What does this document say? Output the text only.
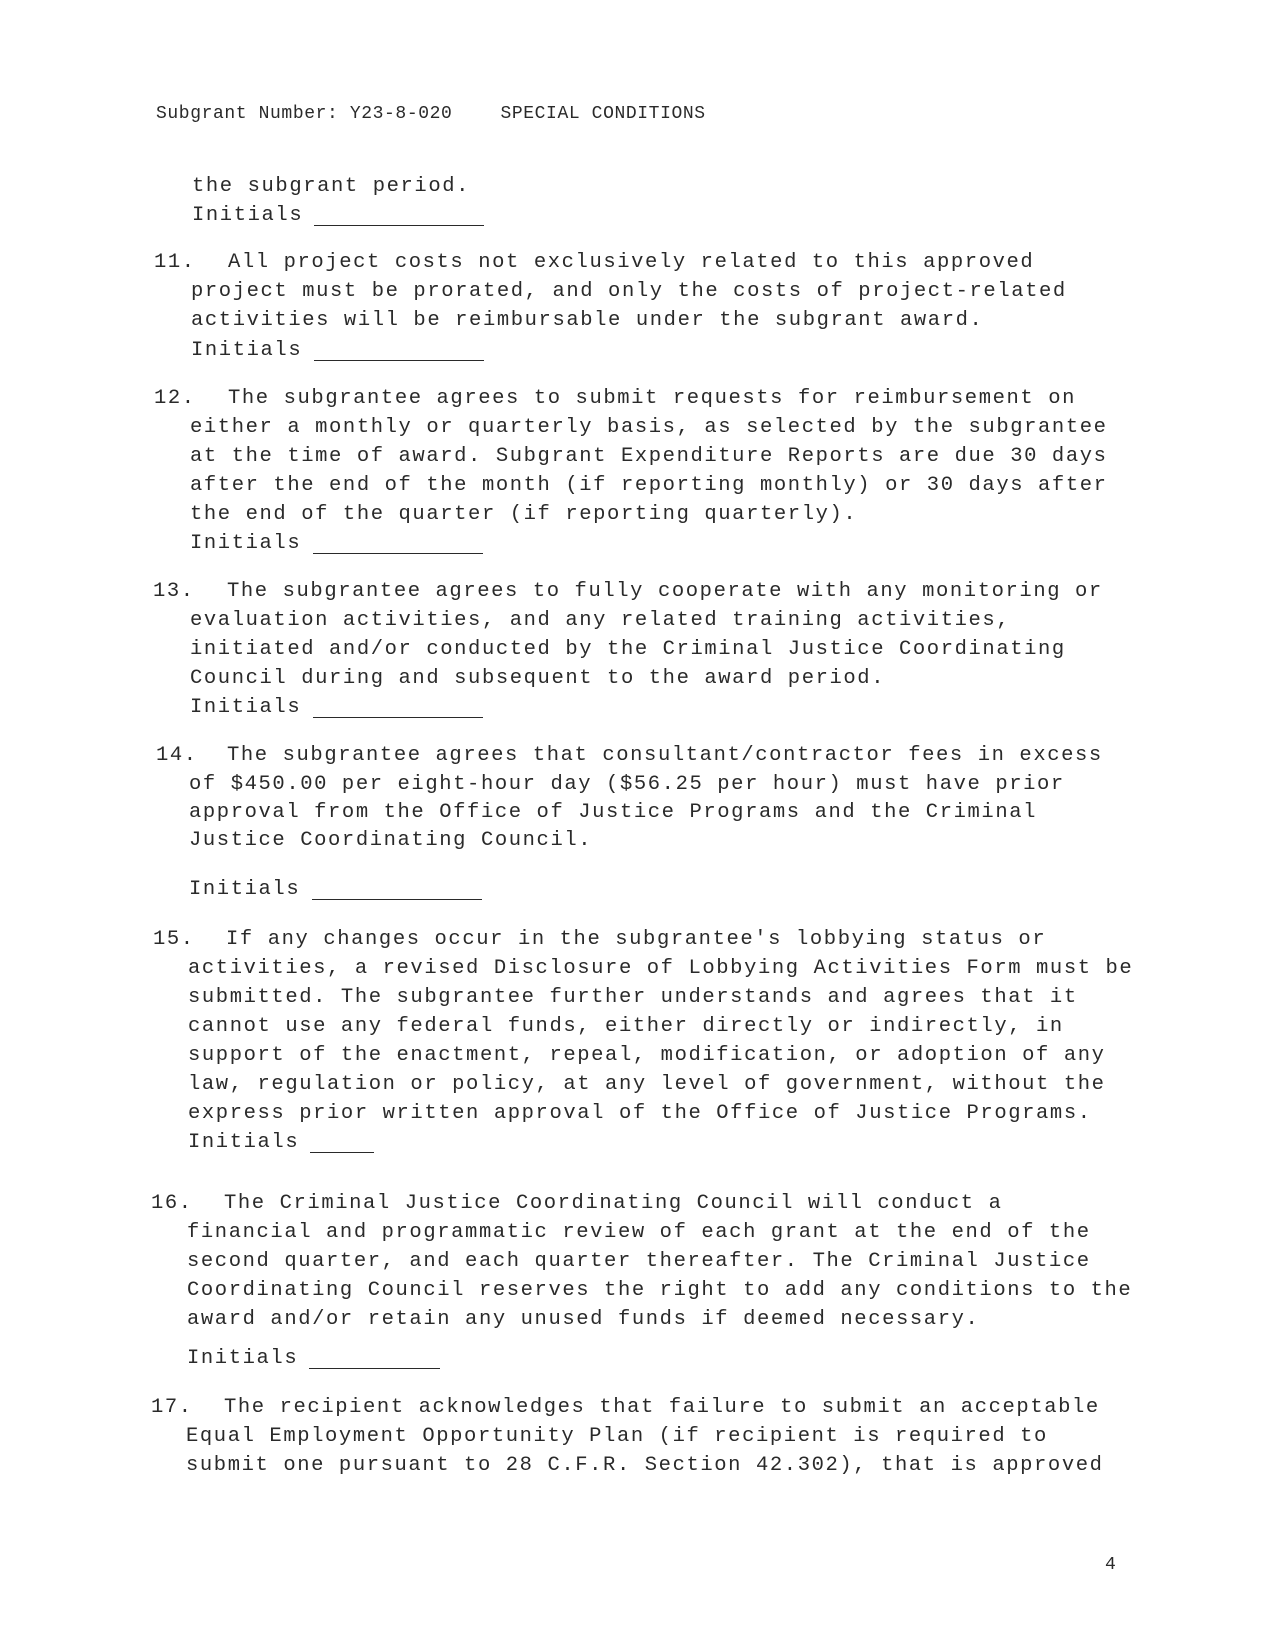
Subgrant Number: Y23-8-020	SPECIAL CONDITIONS
the subgrant period.
Initials
11. All project costs not exclusively related to this approved
project must be prorated, and only the costs of project-related
activities will be reimbursable under the subgrant award.
Initials
12. The subgrantee agrees to submit requests for reimbursement on
either a monthly or quarterly basis, as selected by the subgrantee
at the time of award. Subgrant Expenditure Reports are due 30 days
after the end of the month (if reporting monthly) or 30 days after
the end of the quarter (if reporting quarterly).
Initials
13. The subgrantee agrees to fully cooperate with any monitoring or
evaluation activities, and any related training activities,
initiated and/or conducted by the Criminal Justice Coordinating
Council during and subsequent to the award period.
Initials
14. The subgrantee agrees that consultant/contractor fees in excess
of $450.00 per eight-hour day ($56.25 per hour) must have prior
approval from the Office of Justice Programs and the Criminal
Justice Coordinating Council.
Initials
15. If any changes occur in the subgrantee's lobbying status or
activities, a revised Disclosure of Lobbying Activities Form must be
submitted. The subgrantee further understands and agrees that it
cannot use any federal funds, either directly or indirectly, in
support of the enactment, repeal, modification, or adoption of any
law, regulation or policy, at any level of government, without the
express prior written approval of the Office of Justice Programs.
Initials
16. The Criminal Justice Coordinating Council will conduct a
financial and programmatic review of each grant at the end of the
second quarter, and each quarter thereafter. The Criminal Justice
Coordinating Council reserves the right to add any conditions to the
award and/or retain any unused funds if deemed necessary.
Initials
17. The recipient acknowledges that failure to submit an acceptable
Equal Employment Opportunity Plan (if recipient is required to
submit one pursuant to 28 C.F.R. Section 42.302), that is approved
4
